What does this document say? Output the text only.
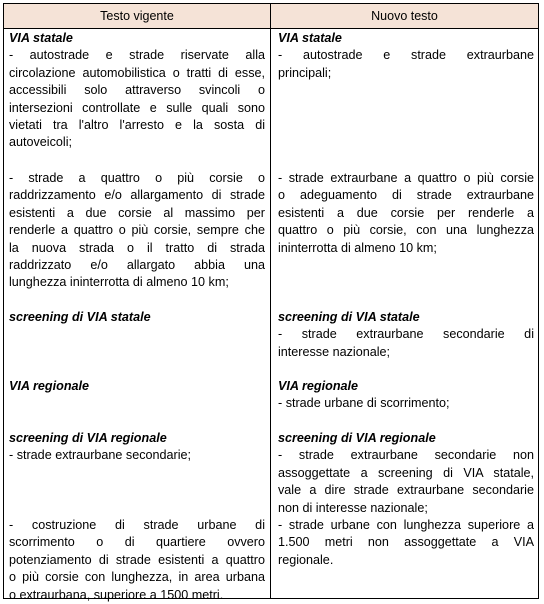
Testo vigente	Nuovo testo

VIA statale

- autostrade e strade riservate alla

circolazione automobilistica o tratti di esse,

accessibili solo attraverso svincoli o

intersezioni controllate e sulle quali sono

vietati tra l'altro l'arresto e la sosta di

autoveicoli;

- strade a quattro o più corsie o

raddrizzamento e/o allargamento di strade

esistenti a due corsie al massimo per

renderle a quattro o più corsie, sempre che

la nuova strada o il tratto di strada

raddrizzato e/o allargato abbia una

lunghezza ininterrotta di almeno 10 km;

screening di VIA statale

VIA regionale

screening di VIA regionale

- strade extraurbane secondarie;

- costruzione di strade urbane di

scorrimento o di quartiere ovvero

potenziamento di strade esistenti a quattro

o più corsie con lunghezza, in area urbana

o extraurbana, superiore a 1500 metri.

VIA statale

- autostrade e strade extraurbane

principali;

- strade extraurbane a quattro o più corsie

o adeguamento di strade extraurbane

esistenti a due corsie per renderle a

quattro o più corsie, con una lunghezza

ininterrotta di almeno 10 km;

screening di VIA statale

- strade extraurbane secondarie di

interesse nazionale;

VIA regionale

- strade urbane di scorrimento;

screening di VIA regionale

- strade extraurbane secondarie non

assoggettate a screening di VIA statale,

vale a dire strade extraurbane secondarie

non di interesse nazionale;

- strade urbane con lunghezza superiore a

1.500 metri non assoggettate a VIA

regionale.
